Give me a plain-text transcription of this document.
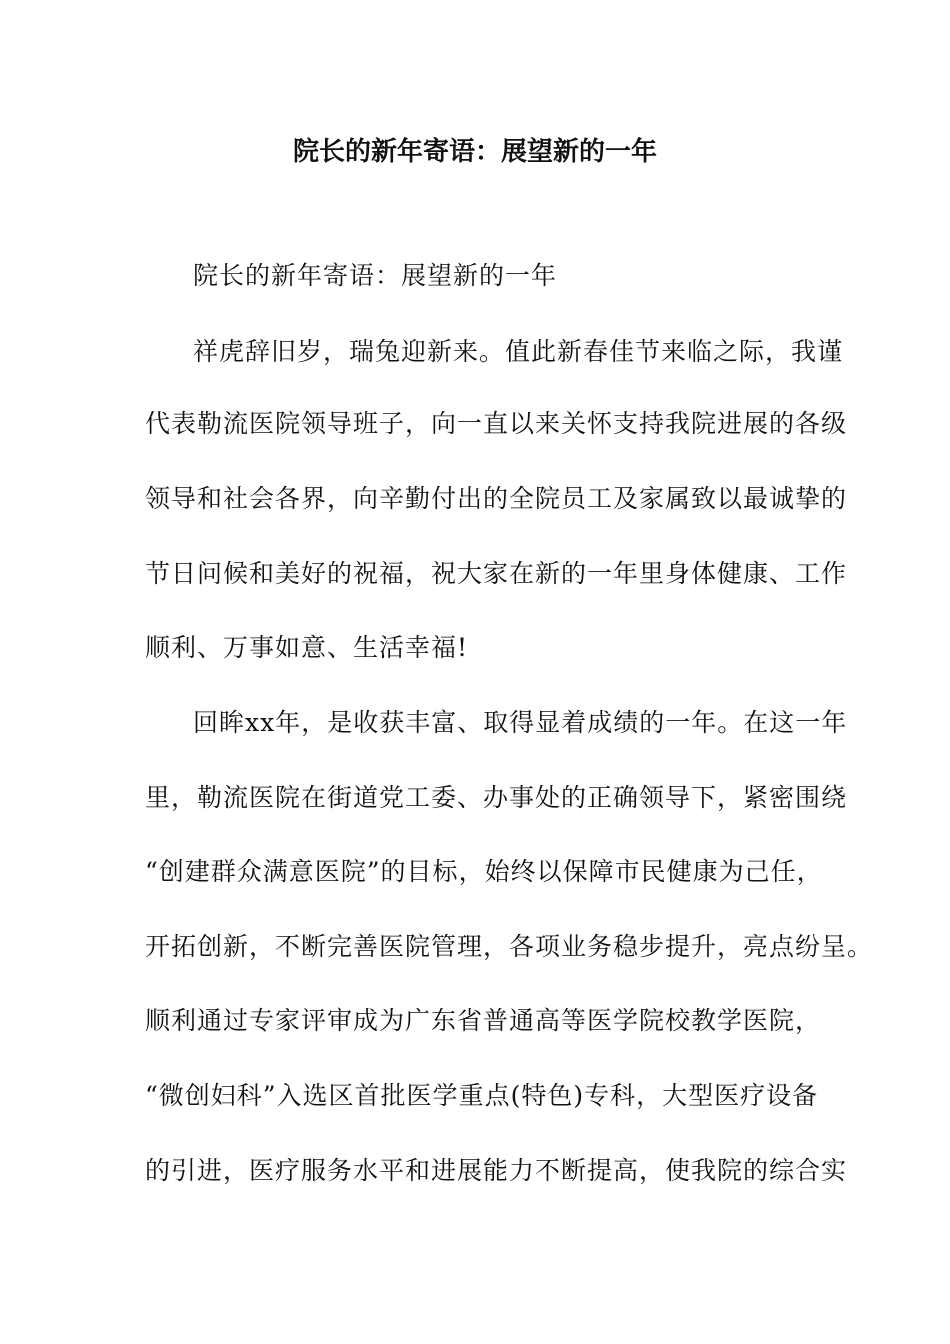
院长的新年寄语：展望新的一年
院长的新年寄语：展望新的一年
祥虎辞旧岁，瑞兔迎新来。值此新春佳节来临之际，我谨
代表勒流医院领导班子，向一直以来关怀支持我院进展的各级
领导和社会各界，向辛勤付出的全院员工及家属致以最诚挚的
节日问候和美好的祝福，祝大家在新的一年里身体健康、工作
顺利、万事如意、生活幸福!
回眸xx年，是收获丰富、取得显着成绩的一年。在这一年
里，勒流医院在街道党工委、办事处的正确领导下，紧密围绕
“创建群众满意医院”的目标，始终以保障市民健康为己任，
开拓创新，不断完善医院管理，各项业务稳步提升，亮点纷呈。
顺利通过专家评审成为广东省普通高等医学院校教学医院，
“微创妇科”入选区首批医学重点(特色)专科，大型医疗设备
的引进，医疗服务水平和进展能力不断提高，使我院的综合实
